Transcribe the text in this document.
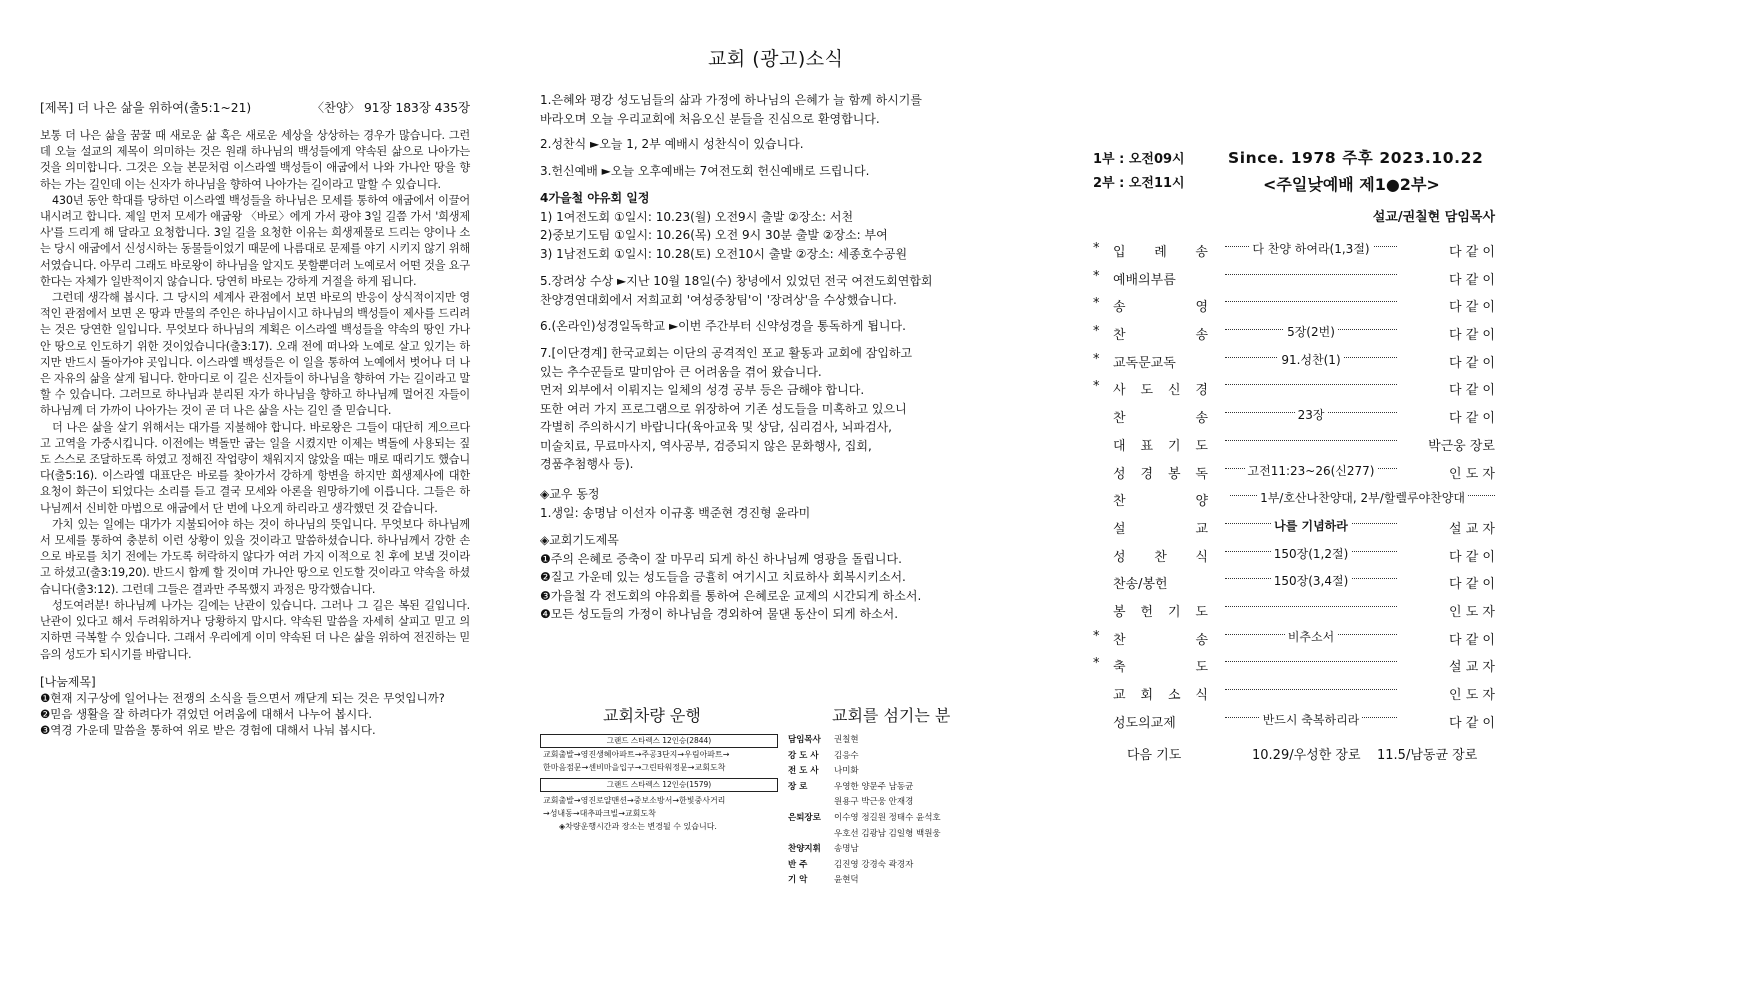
[제목] 더 나은 삶을 위하여(출5:1~21)	〈찬양〉 91장 183장 435장

보통 더 나은 삶을 꿈꿀 때 새로운 삶 혹은 새로운 세상을 상상하는 경우가 많습니다. 그런데 오늘 설교의 제목이 의미하는 것은 원래 하나님의 백성들에게 약속된 삶으로 나아가는 것을 의미합니다. 그것은 오늘 본문처럼 이스라엘 백성들이 애굽에서 나와 가나안 땅을 향하는 가는 길인데 이는 신자가 하나님을 향하여 나아가는 길이라고 말할 수 있습니다.

430년 동안 학대를 당하던 이스라엘 백성들을 하나님은 모세를 통하여 애굽에서 이끌어 내시려고 합니다. 제일 먼저 모세가 애굽왕 〈바로〉에게 가서 광야 3일 길쯤 가서 '희생제사'를 드리게 해 달라고 요청합니다. 3일 길을 요청한 이유는 희생제물로 드리는 양이나 소는 당시 애굽에서 신성시하는 동물들이었기 때문에 나름대로 문제를 야기 시키지 않기 위해서였습니다. 아무리 그래도 바로왕이 하나님을 알지도 못할뿐더러 노예로서 어떤 것을 요구한다는 자체가 일반적이지 않습니다. 당연히 바로는 강하게 거절을 하게 됩니다.

그런데 생각해 봅시다. 그 당시의 세계사 관점에서 보면 바로의 반응이 상식적이지만 영적인 관점에서 보면 온 땅과 만물의 주인은 하나님이시고 하나님의 백성들이 제사를 드리려는 것은 당연한 일입니다. 무엇보다 하나님의 계획은 이스라엘 백성들을 약속의 땅인 가나안 땅으로 인도하기 위한 것이었습니다(출3:17). 오래 전에 떠나와 노예로 살고 있기는 하지만 반드시 돌아가야 곳입니다. 이스라엘 백성들은 이 일을 통하여 노예에서 벗어나 더 나은 자유의 삶을 살게 됩니다. 한마디로 이 길은 신자들이 하나님을 향하여 가는 길이라고 말할 수 있습니다. 그러므로 하나님과 분리된 자가 하나님을 향하고 하나님께 멀어진 자들이 하나님께 더 가까이 나아가는 것이 곧 더 나은 삶을 사는 길인 줄 믿습니다.

더 나은 삶을 살기 위해서는 대가를 지불해야 합니다. 바로왕은 그들이 대단히 게으르다고 고역을 가중시킵니다. 이전에는 벽돌만 굽는 일을 시켰지만 이제는 벽돌에 사용되는 짚도 스스로 조달하도록 하였고 정해진 작업량이 채워지지 않았을 때는 매로 때리기도 했습니다(출5:16). 이스라엘 대표단은 바로를 찾아가서 강하게 항변을 하지만 희생제사에 대한 요청이 화근이 되었다는 소리를 듣고 결국 모세와 아론을 원망하기에 이릅니다. 그들은 하나님께서 신비한 마법으로 애굽에서 단 번에 나오게 하리라고 생각했던 것 같습니다.

가치 있는 일에는 대가가 지불되어야 하는 것이 하나님의 뜻입니다. 무엇보다 하나님께서 모세를 통하여 충분히 이런 상황이 있을 것이라고 말씀하셨습니다. 하나님께서 강한 손으로 바로를 치기 전에는 가도록 허락하지 않다가 여러 가지 이적으로 친 후에 보낼 것이라고 하셨고(출3:19,20). 반드시 함께 할 것이며 가나안 땅으로 인도할 것이라고 약속을 하셨습니다(출3:12). 그런데 그들은 결과만 주목했지 과정은 망각했습니다.

성도여러분! 하나님께 나가는 길에는 난관이 있습니다. 그러나 그 길은 복된 길입니다. 난관이 있다고 해서 두려워하거나 당황하지 맙시다. 약속된 말씀을 자세히 살피고 믿고 의지하면 극복할 수 있습니다. 그래서 우리에게 이미 약속된 더 나은 삶을 위하여 전진하는 믿음의 성도가 되시기를 바랍니다.

[나눔제목]

❶현재 지구상에 일어나는 전쟁의 소식을 들으면서 깨닫게 되는 것은 무엇입니까?

❷믿음 생활을 잘 하려다가 겪었던 어려움에 대해서 나누어 봅시다.

❸역경 가운데 말씀을 통하여 위로 받은 경험에 대해서 나눠 봅시다.

교회 (광고)소식
1.은혜와 평강 성도님들의 삶과 가정에 하나님의 은혜가 늘 함께 하시기를
바라오며 오늘 우리교회에 처음오신 분들을 진심으로 환영합니다.
2.성찬식 ►오늘 1, 2부 예배시 성찬식이 있습니다.
3.헌신예배 ►오늘 오후예배는 7여전도회 헌신예배로 드립니다.
4가을철 야유회 일정
1) 1여전도회 ①일시: 10.23(월) 오전9시 출발 ②장소: 서천
2)중보기도팀 ①일시: 10.26(목) 오전 9시 30분 출발 ②장소: 부여
3) 1남전도회 ①일시: 10.28(토) 오전10시 출발 ②장소: 세종호수공원
5.장려상 수상 ►지난 10월 18일(수) 창녕에서 있었던 전국 여전도회연합회
찬양경연대회에서 저희교회 '여성중창팀'이 '장려상'을 수상했습니다.
6.(온라인)성경일독학교 ►이번 주간부터 신약성경을 통독하게 됩니다.
7.[이단경계] 한국교회는 이단의 공격적인 포교 활동과 교회에 잠입하고
있는 추수꾼들로 말미암아 큰 어려움을 겪어 왔습니다.
먼저 외부에서 이뤄지는 일체의 성경 공부 등은 금해야 합니다.
또한 여러 가지 프로그램으로 위장하여 기존 성도들을 미혹하고 있으니
각별히 주의하시기 바랍니다(육아교육 및 상담, 심리검사, 뇌파검사,
미술치료, 무료마사지, 역사공부, 검증되지 않은 문화행사, 집회,
경품추첨행사 등).
◈교우 동정
1.생일: 송명남 이선자 이규홍 백준현 경진형 윤라미
◈교회기도제목
❶주의 은혜로 증축이 잘 마무리 되게 하신 하나님께 영광을 돌립니다.
❷질고 가운데 있는 성도들을 긍휼히 여기시고 치료하사 회복시키소서.
❸가을철 각 전도회의 야유회를 통하여 은혜로운 교제의 시간되게 하소서.
❹모든 성도들의 가정이 하나님을 경외하여 물댄 동산이 되게 하소서.
교회차량 운행
그랜드 스타렉스 12인승(2844)
교회출발→영진생혜아파트→주공3단지→우림아파트→
한마음점문→센비마을입구→그린타워정문→교회도착
그랜드 스타렉스 12인승(1579)
교회출발→영진로얄맨션→중보소방서→한빛중사거리
→성내동→대추파크빌→교회도착
◈차량운행시간과 장소는 변경될 수 있습니다.
교회를 섬기는 분
담임목사 권칠현
강 도 사 김응수
전 도 사 나미화
장 로	우영한 양문주 남동균
원용구 박근웅 안재경
은퇴장로 이수영 정길원 정태수 윤석호
우호선 김광남 김일형 백원웅
찬양지휘 송명남
반 주	김진영 강경숙 곽경자
기 악	윤현덕
1부 : 오전09시
2부 : 오전11시
Since. 1978 주후 2023.10.22
<주일낮예배 제1●2부>
설교/권칠현 담임목사
* 입 례 송	다 찬양 하여라(1,3절)	다 같 이
* 예배의부름	다 같 이
* 송 영	다 같 이
* 찬 송	5장(2번)	다 같 이
* 교독문교독	91.성찬(1)	다 같 이
* 사 도 신 경	다 같 이
찬 송	23장	다 같 이
대 표 기 도	박근웅 장로
성 경 봉 독	고전11:23~26(신277)	인 도 자
찬 양	1부/호산나찬양대, 2부/할렐루야찬양대
설 교	나를 기념하라	설 교 자
성 찬 식	150장(1,2절)	다 같 이
찬송/봉헌	150장(3,4절)	다 같 이
봉 헌 기 도	인 도 자
* 찬 송	비추소서	다 같 이
* 축 도	설 교 자
교 회 소 식	인 도 자
성도의교제	반드시 축복하리라	다 같 이
다음 기도	10.29/우성한 장로 11.5/남동균 장로
